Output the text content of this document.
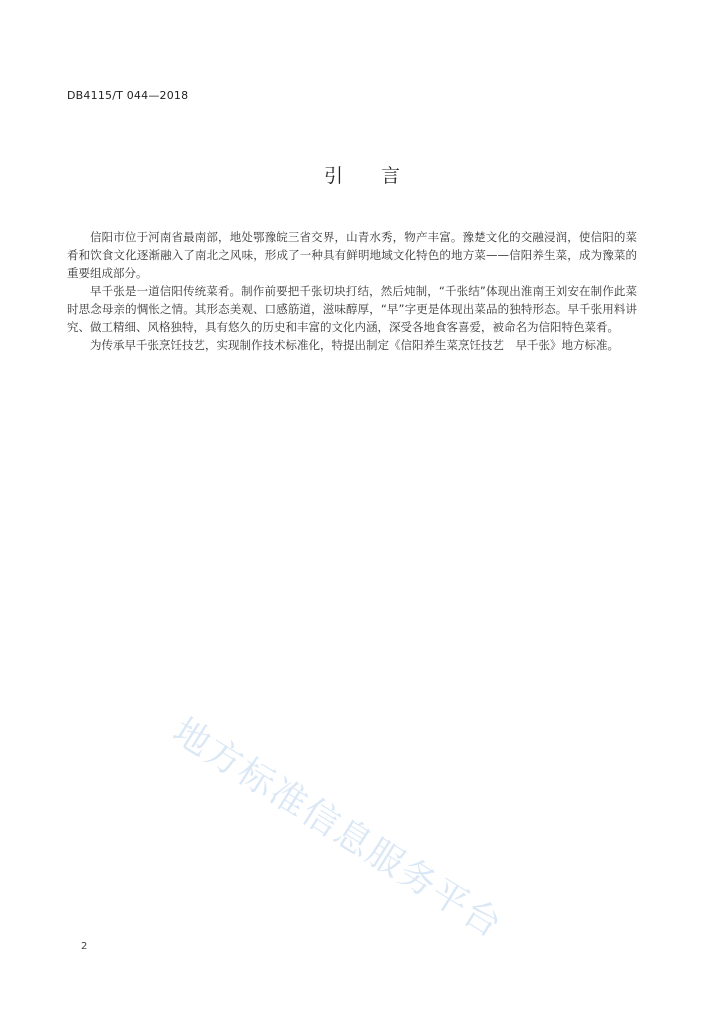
DB4115/T 044—2018
引言

信阳市位于河南省最南部，地处鄂豫皖三省交界，山青水秀，物产丰富。豫楚文化的交融浸润，使信阳的菜肴和饮食文化逐渐融入了南北之风味，形成了一种具有鲜明地域文化特色的地方菜——信阳养生菜，成为豫菜的重要组成部分。

早千张是一道信阳传统菜肴。制作前要把千张切块打结，然后炖制，“千张结”体现出淮南王刘安在制作此菜时思念母亲的惆怅之情。其形态美观、口感筋道，滋味醇厚，“早”字更是体现出菜品的独特形态。早千张用料讲究、做工精细、风格独特，具有悠久的历史和丰富的文化内涵，深受各地食客喜爱，被命名为信阳特色菜肴。

为传承早千张烹饪技艺，实现制作技术标准化，特提出制定《信阳养生菜烹饪技艺　早千张》地方标准。

地方标准信息服务平台
2
